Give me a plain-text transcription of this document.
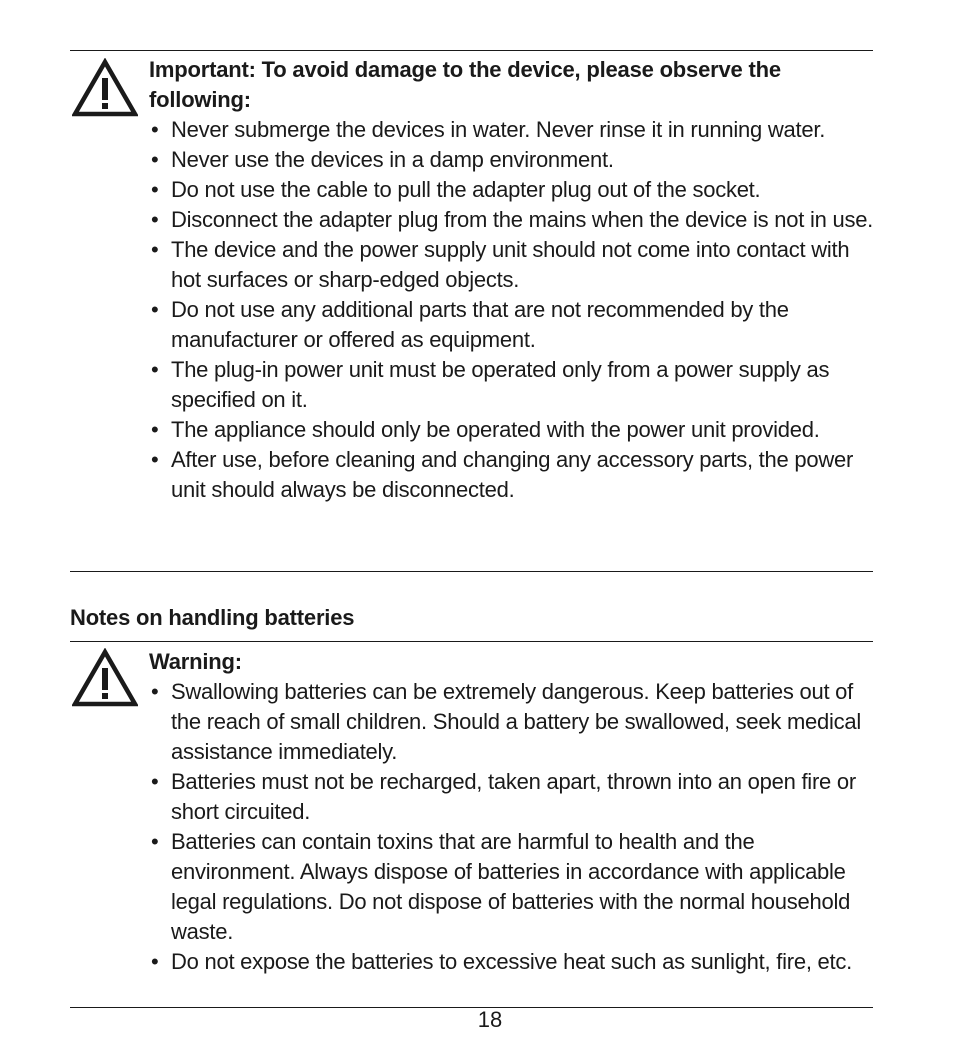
Important: To avoid damage to the device, please observe the following:
• Never submerge the devices in water. Never rinse it in running water.
• Never use the devices in a damp environment.
• Do not use the cable to pull the adapter plug out of the socket.
• Disconnect the adapter plug from the mains when the device is not in use.
• The device and the power supply unit should not come into contact with hot surfaces or sharp-edged objects.
• Do not use any additional parts that are not recommended by the manufacturer or offered as equipment.
• The plug-in power unit must be operated only from a power supply as specified on it.
• The appliance should only be operated with the power unit provided.
• After use, before cleaning and changing any accessory parts, the power unit should always be disconnected.
Notes on handling batteries
Warning:
• Swallowing batteries can be extremely dangerous. Keep batteries out of the reach of small children. Should a battery be swallowed, seek medical assistance immediately.
• Batteries must not be recharged, taken apart, thrown into an open fire or short circuited.
• Batteries can contain toxins that are harmful to health and the environment. Always dispose of batteries in accordance with applicable legal regulations. Do not dispose of batteries with the normal household waste.
• Do not expose the batteries to excessive heat such as sunlight, fire, etc.
18
